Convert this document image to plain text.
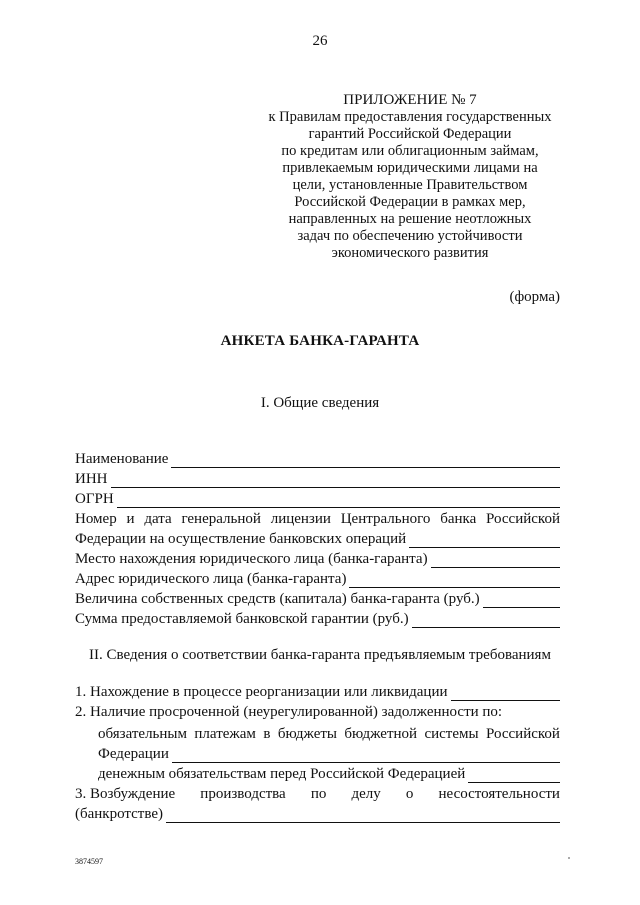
26
ПРИЛОЖЕНИЕ № 7
к Правилам предоставления государственных
гарантий Российской Федерации
по кредитам или облигационным займам,
привлекаемым юридическими лицами на
цели, установленные Правительством
Российской Федерации в рамках мер,
направленных на решение неотложных
задач по обеспечению устойчивости
экономического развития
(форма)
АНКЕТА БАНКА-ГАРАНТА
I. Общие сведения
Наименование
ИНН
ОГРН
Номер и дата генеральной лицензии Центрального банка Российской
Федерации на осуществление банковских операций
Место нахождения юридического лица (банка-гаранта)
Адрес юридического лица (банка-гаранта)
Величина собственных средств (капитала) банка-гаранта (руб.)
Сумма предоставляемой банковской гарантии (руб.)
II. Сведения о соответствии банка-гаранта предъявляемым требованиям
1. Нахождение в процессе реорганизации или ликвидации
2. Наличие просроченной (неурегулированной) задолженности по:
обязательным платежам в бюджеты бюджетной системы Российской
Федерации
денежным обязательствам перед Российской Федерацией
3. Возбуждение производства по делу о несостоятельности
(банкротстве)
3874597
